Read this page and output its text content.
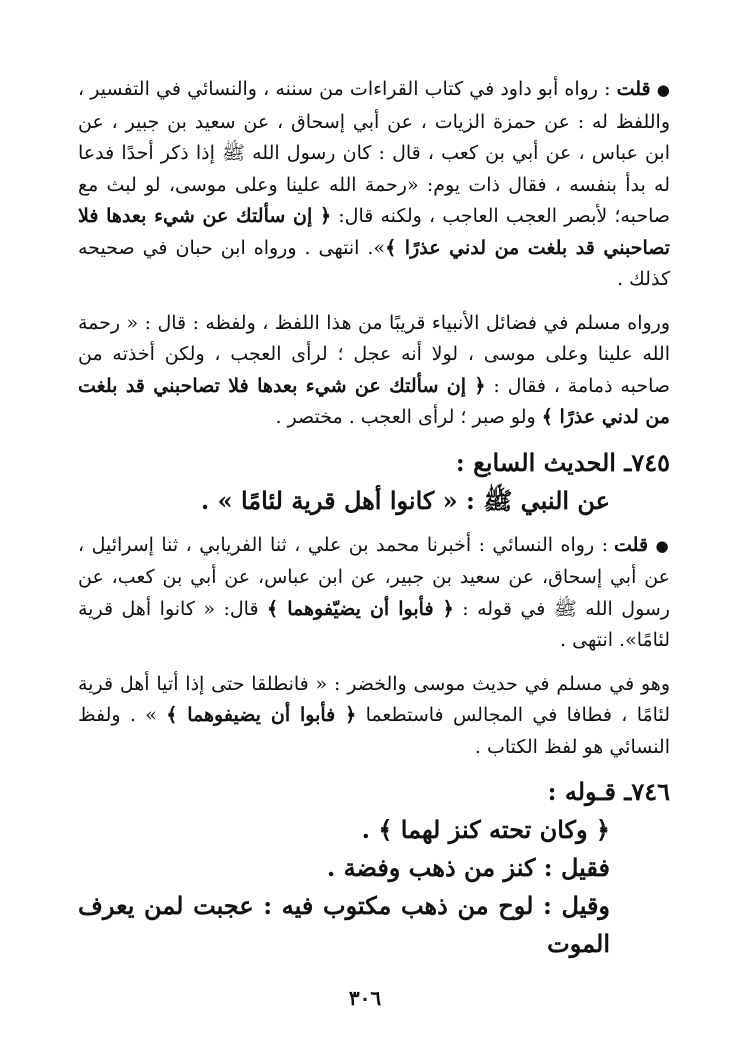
● قلت : رواه أبو داود في كتاب القراءات من سننه ، والنسائي في التفسير ، واللفظ له : عن حمزة الزيات ، عن أبي إسحاق ، عن سعيد بن جبير ، عن ابن عباس ، عن أبي بن كعب ، قال : كان رسول الله ﷺ إذا ذكر أحدًا فدعا له بدأ بنفسه ، فقال ذات يوم: «رحمة الله علينا وعلى موسى، لو لبث مع صاحبه؛ لأبصر العجب العاجب ، ولكنه قال: ﴿ إن سألتك عن شيء بعدها فلا تصاحبني قد بلغت من لدني عذرًا ﴾». انتهى . ورواه ابن حبان في صحيحه كذلك .

ورواه مسلم في فضائل الأنبياء قريبًا من هذا اللفظ ، ولفظه : قال : « رحمة الله علينا وعلى موسى ، لولا أنه عجل ؛ لرأى العجب ، ولكن أخذته من صاحبه ذمامة ، فقال : ﴿ إن سألتك عن شيء بعدها فلا تصاحبني قد بلغت من لدني عذرًا ﴾ ولو صبر ؛ لرأى العجب . مختصر .

٧٤٥ـ الحديث السابع :

عن النبي ﷺ : « كانوا أهل قرية لئامًا » .

● قلت : رواه النسائي : أخبرنا محمد بن علي ، ثنا الفريابي ، ثنا إسرائيل ، عن أبي إسحاق، عن سعيد بن جبير، عن ابن عباس، عن أبي بن كعب، عن رسول الله ﷺ في قوله : ﴿ فأبوا أن يضيّفوهما ﴾ قال: « كانوا أهل قرية لئامًا». انتهى .

وهو في مسلم في حديث موسى والخضر : « فانطلقا حتى إذا أتيا أهل قرية لئامًا ، فطافا في المجالس فاستطعما ﴿ فأبوا أن يضيفوهما ﴾ » . ولفظ النسائي هو لفظ الكتاب .

٧٤٦ـ قـوله :

﴿ وكان تحته كنز لهما ﴾ .

فقيل : كنز من ذهب وفضة .

وقيل : لوح من ذهب مكتوب فيه : عجبت لمن يعرف الموت

٣٠٦
